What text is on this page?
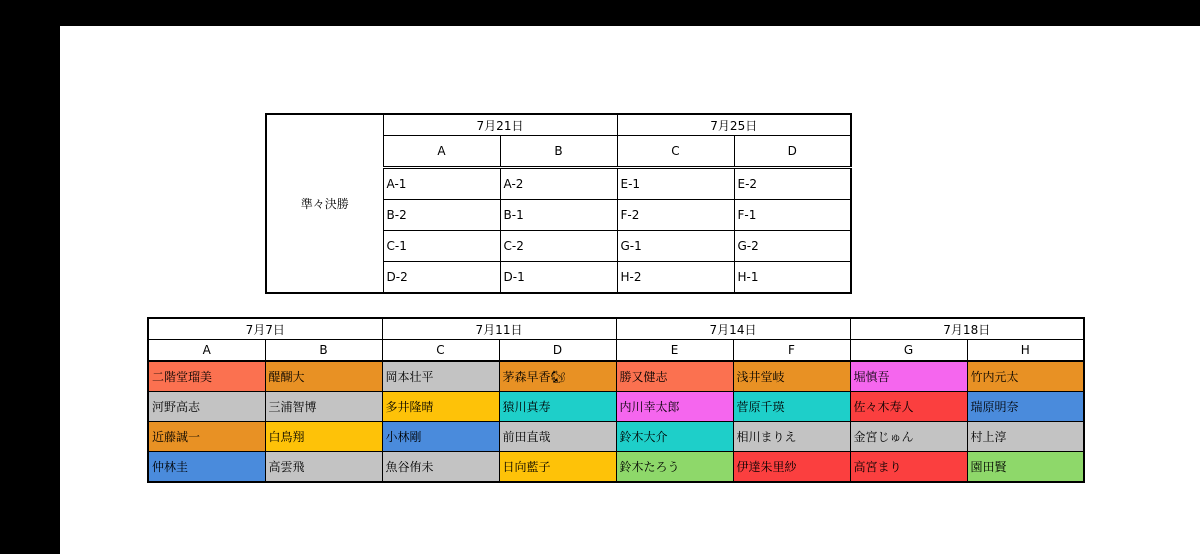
準々決勝	7月21日		7月25日	
	A	B	C	D
	A-1	A-2	E-1	E-2
	B-2	B-1	F-2	F-1
	C-1	C-2	G-1	G-2
	D-2	D-1	H-2	H-1
7月7日		7月11日		7月14日		7月18日	
A	B	C	D	E	F	G	H
二階堂瑠美	醍醐大	岡本壮平	茅森早香🐿	勝又健志	浅井堂岐	堀慎吾	竹内元太
河野高志	三浦智博	多井隆晴	猿川真寿	内川幸太郎	菅原千瑛	佐々木寿人	瑞原明奈
近藤誠一	白鳥翔	小林剛	前田直哉	鈴木大介	相川まりえ	金宮じゅん	村上淳
仲林圭	高雲飛	魚谷侑未	日向藍子	鈴木たろう	伊達朱里紗	高宮まり	園田賢
